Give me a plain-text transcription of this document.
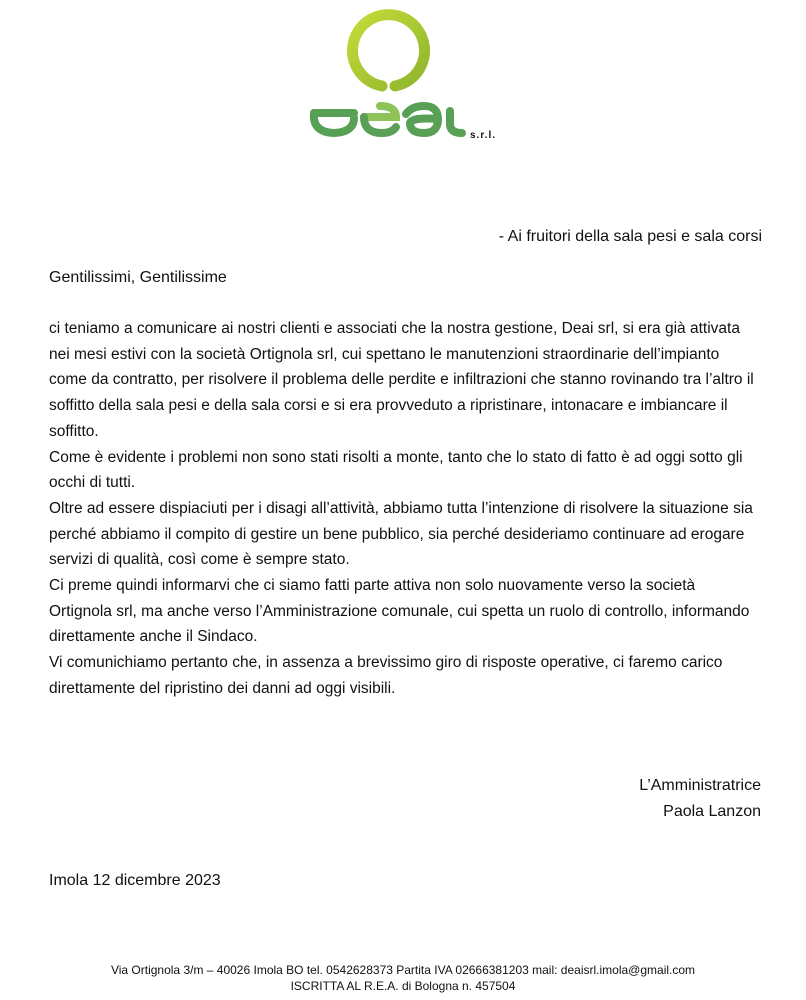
s.r.l.
- Ai fruitori della sala pesi e sala corsi
Gentilissimi, Gentilissime

ci teniamo a comunicare ai nostri clienti e associati che la nostra gestione, Deai srl, si era già attivata nei mesi estivi con la società Ortignola srl, cui spettano le manutenzioni straordinarie dell’impianto come da contratto, per risolvere il problema delle perdite e infiltrazioni che stanno rovinando tra l’altro il soffitto della sala pesi e della sala corsi e si era provveduto a ripristinare, intonacare e imbiancare il soffitto.

Come è evidente i problemi non sono stati risolti a monte, tanto che lo stato di fatto è ad oggi sotto gli occhi di tutti.

Oltre ad essere dispiaciuti per i disagi all’attività, abbiamo tutta l’intenzione di risolvere la situazione sia perché abbiamo il compito di gestire un bene pubblico, sia perché desideriamo continuare ad erogare servizi di qualità, così come è sempre stato.

Ci preme quindi informarvi che ci siamo fatti parte attiva non solo nuovamente verso la società Ortignola srl, ma anche verso l’Amministrazione comunale, cui spetta un ruolo di controllo, informando direttamente anche il Sindaco.

Vi comunichiamo pertanto che, in assenza a brevissimo giro di risposte operative, ci faremo carico direttamente del ripristino dei danni ad oggi visibili.

L’Amministratrice
Paola Lanzon
Imola 12 dicembre 2023
Via Ortignola 3/m – 40026 Imola BO tel. 0542628373 Partita IVA 02666381203 mail: deaisrl.imola@gmail.com
ISCRITTA AL R.E.A. di Bologna n. 457504
